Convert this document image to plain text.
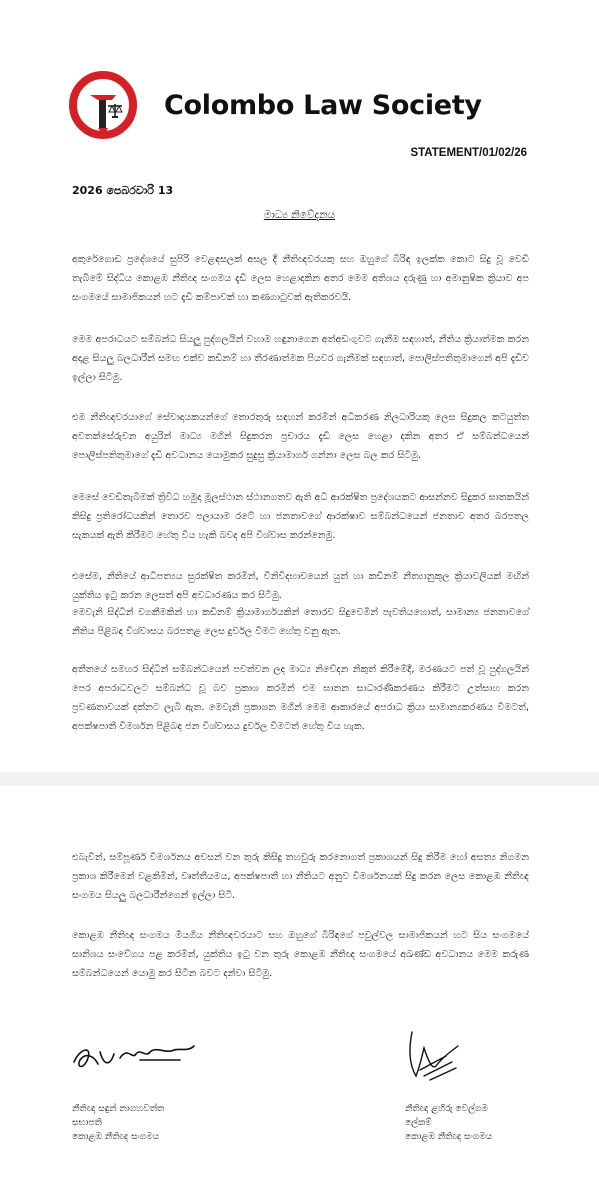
Colombo Law Society
STATEMENT/01/02/26
2026 පෙබරවාරි 13
මාධ්‍ය නිවේදනය
අකුරේගොඩ ප්‍රදේශයේ සුපිරි වෙළඳසලක් අසල දී නීතිඥවරයකු සහ ඔහුගේ බිරිඳ ඉලක්ක කොට සිදු වූ වෙඩි තැබීමේ සිද්ධිය කොළඹ නීතිඥ සංගමය දැඩි ලෙස හෙළාදකින අතර මෙම අතිශය දරුණු හා අමානුෂික ක්‍රියාව අප සංගමයේ සාමාජිකයන් හට දැඩි කම්පාවක් හා කණගාටුවක් ඇතිකරවයි.
මෙම අපරාධයට සම්බන්ධ සියලු පුද්ගලයින් වහාම හඳුනාගෙන අත්අඩංගුවට ගැනීම සඳහාත්, නීතිය ක්‍රියාත්මක කරන අදාළ සියලු බලධාරීන් සමඟ එක්ව කඩිනම් හා තීරණාත්මක පියවර ගැනීමක් සඳහාත්, පොලිස්පතිතුමාගෙන් අපි දැඩිව ඉල්ලා සිටිමු.
එම නීතිඥවරයාගේ සේවාදායකයන්ගේ තොරතුරු සඳහන් කරමින් අධිකරණ නිලධාරියකු ලෙස සිදුකල කටයුත්ත අවතක්සේරුවන අයුරින් මාධ්‍ය මගින් සිදුකරන ප්‍රචාරය දැඩි ලෙස හෙළා දකින අතර ඒ සම්බන්ධයෙන් පොලිස්පතිතුමාගේ දැඩි අවධානය යොමුකර සුදුසු ක්‍රියාමාර්ග ගන්නා ලෙස බල කර සිටිමු.
මෙසේ වෙඩිතැබීමක් ත්‍රිවිධ හමුදා මූලස්ථාන ස්ථානගතව ඇති අධි ආරක්ෂිත ප්‍රදේශයකට ආසන්නව සිදුකර ඝාතකයින් කිසිදු ප්‍රතිරෝධයකින් තොරව පලායාම රටේ හා ජනතාවගේ ආරක්ෂාව සම්බන්ධයෙන් ජනතාව අතර බරපතල සැකයක් ඇති කිරීමට හේතු විය හැකි බවද අපි විශ්වාස කරන්නෙමු.
එසේම, නීතියේ ආධිපත්‍යය සුරක්ෂිත කරමින්, විනිවිදභාවයෙන් යුත් හා කඩිනම් නීත්‍යානුකූල ක්‍රියාවලියක් මඟින් යුක්තිය ඉටු කරන ලෙසත් අපි අවධාරණය කර සිටිමු.
මෙවැනි සිද්ධීන් වගකීමකින් හා කඩිනම් ක්‍රියාමාර්ගයකින් තොරව සිදුවෙමින් පැවතියහොත්, සාමාන්‍ය ජනතාවගේ නීතිය පිළිබඳ විශ්වාසය බරපතළ ලෙස දුර්වල වීමට හේතු වනු ඇත.
අතීතයේ සමහර සිද්ධීන් සම්බන්ධයෙන් පවත්වන ලද මාධ්‍ය නිවේදන නිකුත් කිරීමේදී, මරණයට පත් වූ පුද්ගලයින් පෙර අපරාධවලට සම්බන්ධ වූ බව ප්‍රකාශ කරමින් එම ඝාතන සාධාරණීකරණය කිරීමට උත්සාහ කරන ප්‍රවණතාවයක් දක්නට ලැබී ඇත. මෙවැනි ප්‍රකාශන මගින් මෙම ආකාරයේ අපරාධ ක්‍රියා සාමාන්‍යකරණය වීමටත්, අපක්ෂපාතී විමර්ශන පිළිබඳ ජන විශ්වාසය දුර්වල වීමටත් හේතු විය හැක.
එබැවින්, සම්පූර්ණ විමර්ශනය අවසන් වන තුරු කිසිදු තහවුරු කරනොගත් ප්‍රකාශයන් සිදු කිරීම හෝ අසත්‍ය නිගමන ප්‍රකාශ කිරීමෙන් වළකිමින්, වෘත්තීයමය, අපක්ෂපාතී හා නීතියට අනුව විමර්ශනයක් සිදු කරන ලෙස කොළඹ නීතිඥ සංගමය සියලු බලධාරීන්ගෙන් ඉල්ලා සිටී.
කොළඹ නීතිඥ සංගමය මියගිය නීතිඥවරයාට සහ ඔහුගේ බිරිඳගේ පවුල්වල සාමාජිකයන් හට සිය සංගමයේ සානිශය සංවේගය පළ කරමින්, යුක්තිය ඉටු වන තුරු කොළඹ නීතිඥ සංගමයේ අඛණ්ඩ අවධානය මෙම කරුණ සම්බන්ධයෙන් යොමු කර සිටින බවට දන්වා සිටිමු.
නීතිඥ සඳුන් නාගහවත්ත
සභාපති
කොළඹ නීතිඥ සංගමය
නීතිඥ ළහිරු වෙල්ගම
ලේකම්
කොළඹ නීතිඥ සංගමය
